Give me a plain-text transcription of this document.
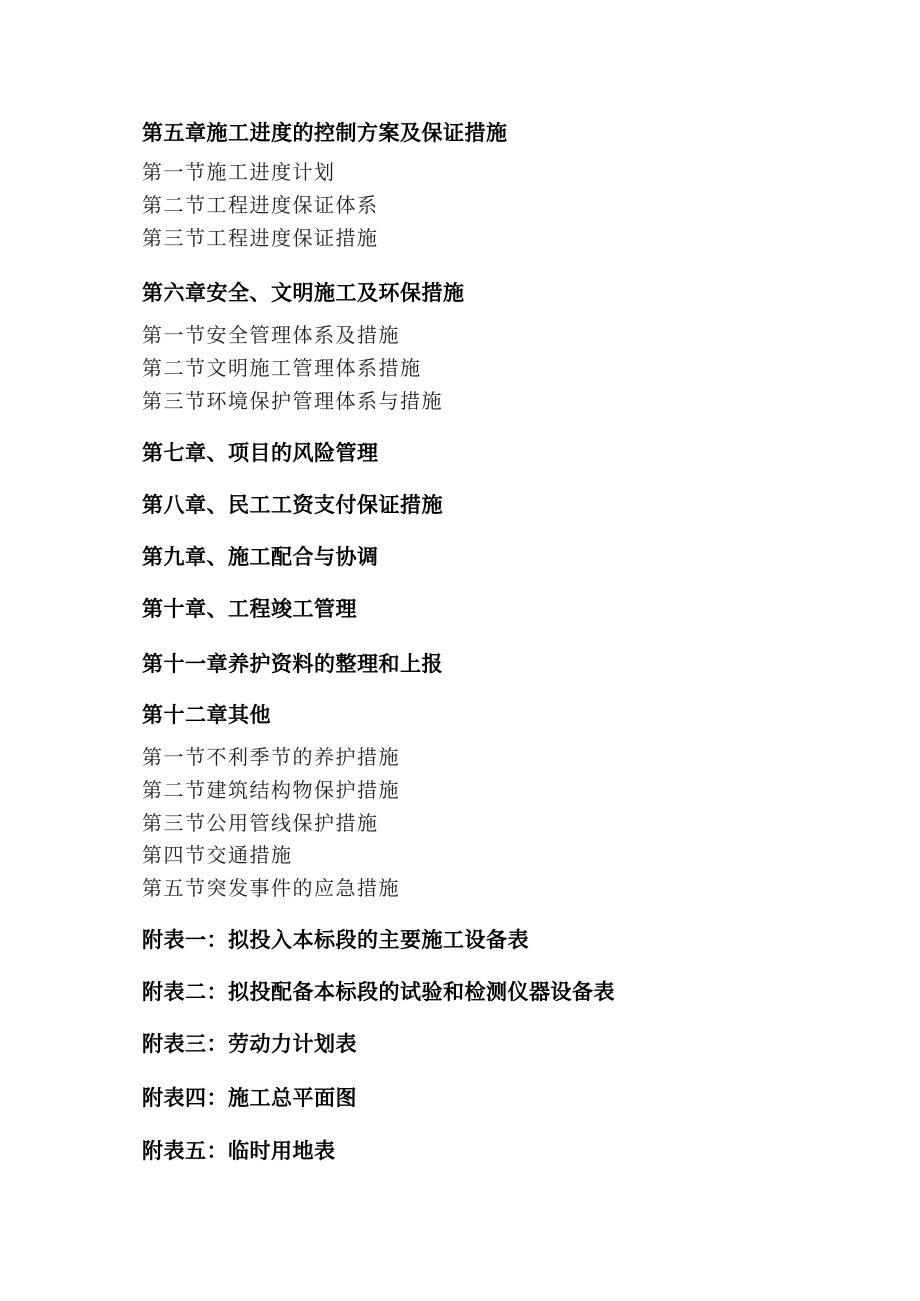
第五章施工进度的控制方案及保证措施
第一节施工进度计划
第二节工程进度保证体系
第三节工程进度保证措施
第六章安全、文明施工及环保措施
第一节安全管理体系及措施
第二节文明施工管理体系措施
第三节环境保护管理体系与措施
第七章、项目的风险管理
第八章、民工工资支付保证措施
第九章、施工配合与协调
第十章、工程竣工管理
第十一章养护资料的整理和上报
第十二章其他
第一节不利季节的养护措施
第二节建筑结构物保护措施
第三节公用管线保护措施
第四节交通措施
第五节突发事件的应急措施
附表一：拟投入本标段的主要施工设备表
附表二：拟投配备本标段的试验和检测仪器设备表
附表三：劳动力计划表
附表四：施工总平面图
附表五：临时用地表
